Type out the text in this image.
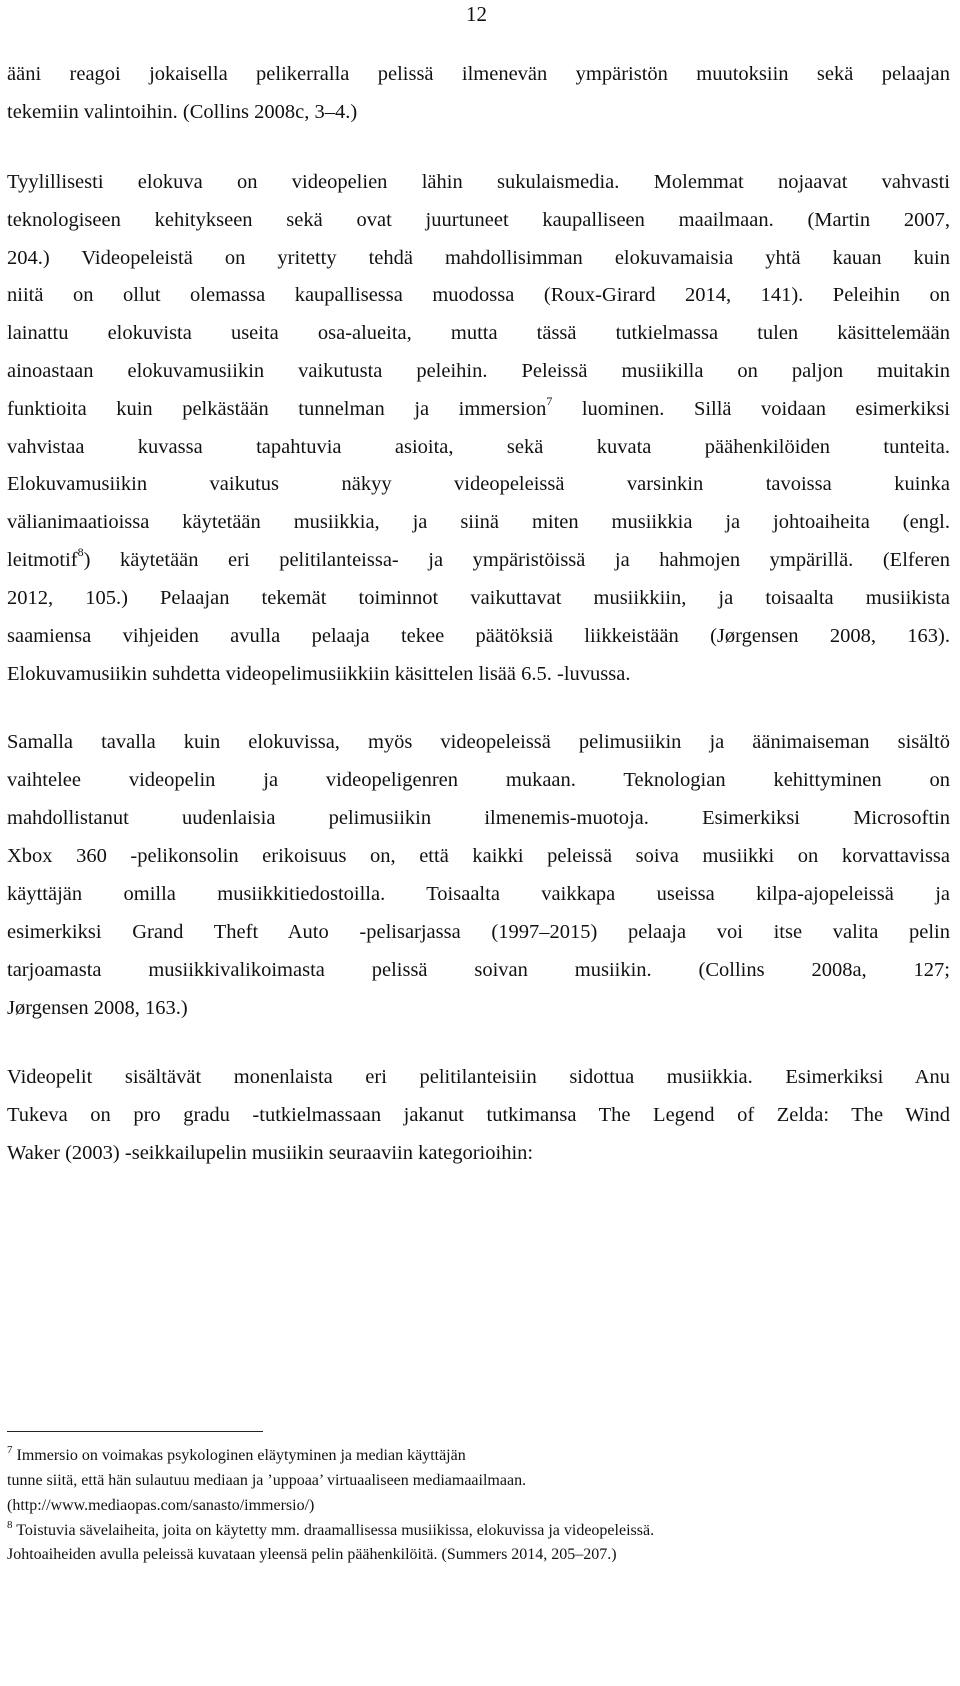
12
ääni reagoi jokaisella pelikerralla pelissä ilmenevän ympäristön muutoksiin sekä pelaajan
tekemiin valintoihin. (Collins 2008c, 3–4.)
Tyylillisesti elokuva on videopelien lähin sukulaismedia. Molemmat nojaavat vahvasti
teknologiseen kehitykseen sekä ovat juurtuneet kaupalliseen maailmaan. (Martin 2007,
204.) Videopeleistä on yritetty tehdä mahdollisimman elokuvamaisia yhtä kauan kuin
niitä on ollut olemassa kaupallisessa muodossa (Roux-Girard 2014, 141). Peleihin on
lainattu elokuvista useita osa-alueita, mutta tässä tutkielmassa tulen käsittelemään
ainoastaan elokuvamusiikin vaikutusta peleihin. Peleissä musiikilla on paljon muitakin
funktioita kuin pelkästään tunnelman ja immersion$^7$ luominen. Sillä voidaan esimerkiksi
vahvistaa kuvassa tapahtuvia asioita, sekä kuvata päähenkilöiden tunteita.
Elokuvamusiikin vaikutus näkyy videopeleissä varsinkin tavoissa kuinka
välianimaatioissa käytetään musiikkia, ja siinä miten musiikkia ja johtoaiheita (engl.
leitmotif$^8$) käytetään eri pelitilanteissa- ja ympäristöissä ja hahmojen ympärillä. (Elferen
2012, 105.) Pelaajan tekemät toiminnot vaikuttavat musiikkiin, ja toisaalta musiikista
saamiensa vihjeiden avulla pelaaja tekee päätöksiä liikkeistään (Jørgensen 2008, 163).
Elokuvamusiikin suhdetta videopelimusiikkiin käsittelen lisää 6.5. -luvussa.
Samalla tavalla kuin elokuvissa, myös videopeleissä pelimusiikin ja äänimaiseman sisältö
vaihtelee videopelin ja videopeligenren mukaan. Teknologian kehittyminen on
mahdollistanut uudenlaisia pelimusiikin ilmenemis-muotoja. Esimerkiksi Microsoftin
Xbox 360 -pelikonsolin erikoisuus on, että kaikki peleissä soiva musiikki on korvattavissa
käyttäjän omilla musiikkitiedostoilla. Toisaalta vaikkapa useissa kilpa-ajopeleissä ja
esimerkiksi Grand Theft Auto -pelisarjassa (1997–2015) pelaaja voi itse valita pelin
tarjoamasta musiikkivalikoimasta pelissä soivan musiikin. (Collins 2008a, 127;
Jørgensen 2008, 163.)
Videopelit sisältävät monenlaista eri pelitilanteisiin sidottua musiikkia. Esimerkiksi Anu
Tukeva on pro gradu -tutkielmassaan jakanut tutkimansa The Legend of Zelda: The Wind
Waker (2003) -seikkailupelin musiikin seuraaviin kategorioihin:
$^7$ Immersio on voimakas psykologinen eläytyminen ja median käyttäjän
tunne siitä, että hän sulautuu mediaan ja ’uppoaa’ virtuaaliseen mediamaailmaan.
(http://www.mediaopas.com/sanasto/immersio/)
$^8$ Toistuvia sävelaiheita, joita on käytetty mm. draamallisessa musiikissa, elokuvissa ja videopeleissä.
Johtoaiheiden avulla peleissä kuvataan yleensä pelin päähenkilöitä. (Summers 2014, 205–207.)
